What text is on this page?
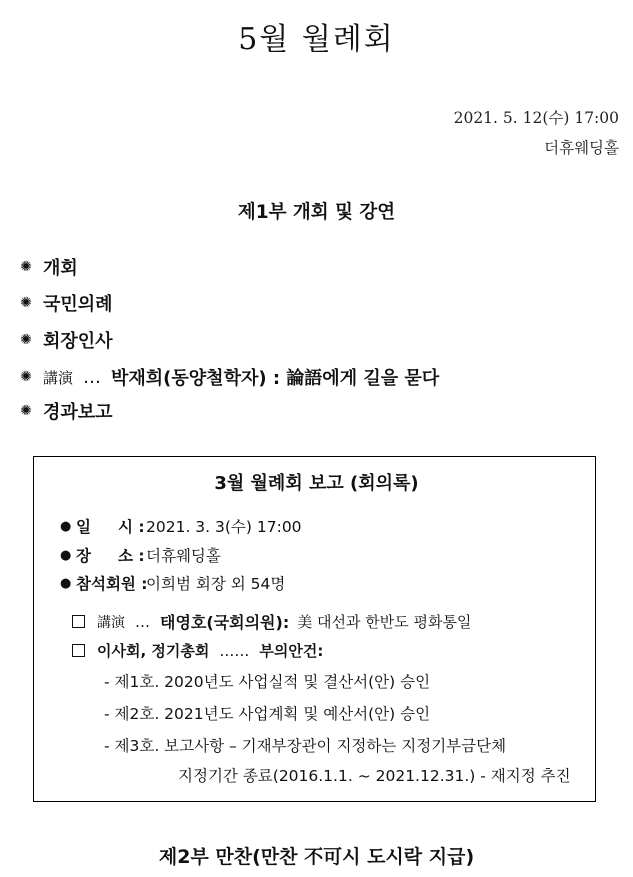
5월 월례회
2021. 5. 12(수) 17:00
더휴웨딩홀
제1부 개회 및 강연
✺ 개회
✺ 국민의례
✺ 회장인사
✺ 講演 … 박재희(동양철학자) : 論語에게 길을 묻다
✺ 경과보고
3월 월례회 보고 (회의록)
● 일     시 : 2021. 3. 3(수) 17:00
● 장     소 : 더휴웨딩홀
● 참석회원 :
이희범 회장 외 54명
講演 … 태영호(국회의원): 美 대선과 한반도 평화통일
이사회, 정기총회 …… 부의안건:
- 제1호. 2020년도 사업실적 및 결산서(안) 승인
- 제2호. 2021년도 사업계획 및 예산서(안) 승인
- 제3호. 보고사항 – 기재부장관이 지정하는 지정기부금단체
지정기간 종료(2016.1.1. ~ 2021.12.31.) - 재지정 추진
제2부 만찬(만찬 不可시 도시락 지급)
